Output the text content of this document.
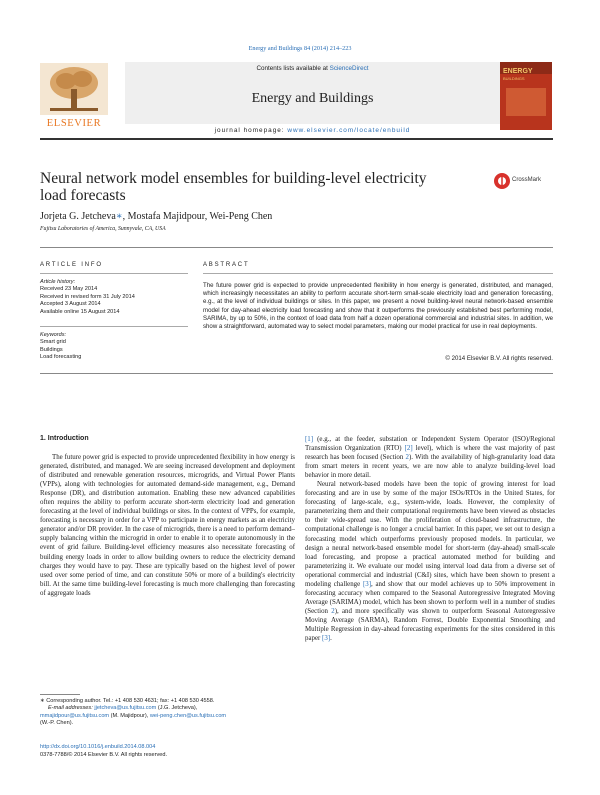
Energy and Buildings 84 (2014) 214–223
Contents lists available at ScienceDirect
Energy and Buildings
ELSEVIER
ENERGY
BUILDINGS
journal homepage: www.elsevier.com/locate/enbuild
Neural network model ensembles for building-level electricity load forecasts
CrossMark
Jorjeta G. Jetcheva∗, Mostafa Majidpour, Wei-Peng Chen
Fujitsu Laboratories of America, Sunnyvale, CA, USA
ARTICLE INFO
Article history:
Received 23 May 2014
Received in revised form 31 July 2014
Accepted 3 August 2014
Available online 15 August 2014
Keywords:
Smart grid
Buildings
Load forecasting
ABSTRACT
The future power grid is expected to provide unprecedented flexibility in how energy is generated, distributed, and managed, which increasingly necessitates an ability to perform accurate short-term small-scale electricity load and generation forecasting, e.g., at the level of individual buildings or sites. In this paper, we present a novel building-level neural network-based ensemble model for day-ahead electricity load forecasting and show that it outperforms the previously established best performing model, SARIMA, by up to 50%, in the context of load data from half a dozen operational commercial and industrial sites. In addition, we show a straightforward, automated way to select model parameters, making our model practical for use in real deployments.
© 2014 Elsevier B.V. All rights reserved.
1. Introduction
The future power grid is expected to provide unprecedented flexibility in how energy is generated, distributed, and managed. We are seeing increased development and deployment of distributed and renewable generation resources, microgrids, and Virtual Power Plants (VPPs), along with technologies for automated demand-side management, e.g., Demand Response (DR), and distribution automation. Enabling these new advanced capabilities often requires the ability to perform accurate short-term electricity load and generation forecasting at the level of individual buildings or sites. In the context of VPPs, for example, forecasting is necessary in order for a VPP to participate in energy markets as an electricity generator and/or DR provider. In the case of microgrids, there is a need to perform demand–supply balancing within the microgrid in order to enable it to operate autonomously in the event of grid failure. Building-level efficiency measures also necessitate forecasting of building energy loads in order to allow building owners to reduce the electricity demand charges they would have to pay. These are typically based on the highest level of power used over some period of time, and can constitute 50% or more of a building's electricity bill. At the same time building-level forecasting is much more challenging than forecasting of aggregate loads
[1] (e.g., at the feeder, substation or Independent System Operator (ISO)/Regional Transmission Organization (RTO) [2] level), which is where the vast majority of past research has been focused (Section 2). With the availability of high-granularity load data from smart meters in recent years, we are now able to analyze building-level load behavior in more detail.
Neural network-based models have been the topic of growing interest for load forecasting and are in use by some of the major ISOs/RTOs in the United States, for forecasting of large-scale, e.g., system-wide, loads. However, the complexity of parameterizing them and their computational requirements have been viewed as obstacles to their wide-spread use. With the proliferation of cloud-based infrastructure, the computational challenge is no longer a crucial barrier. In this paper, we set out to design a forecasting model which outperforms previously proposed models. In particular, we design a neural network-based ensemble model for short-term (day-ahead) small-scale load forecasting, and propose a practical automated method for building and parameterizing it. We evaluate our model using interval load data from a diverse set of operational commercial and industrial (C&I) sites, which have been shown to present a modeling challenge [3], and show that our model achieves up to 50% improvement in forecasting accuracy when compared to the Seasonal Autoregressive Integrated Moving Average (SARIMA) model, which has been shown to perform well in a number of studies (Section 2), and more specifically was shown to outperform Seasonal Autoregressive Moving Average (SARMA), Random Forrest, Double Exponential Smoothing and Multiple Regression in day-ahead forecasting experiments for the sites considered in this paper [3].
∗ Corresponding author. Tel.: +1 408 530 4631; fax: +1 408 530 4558.
E-mail addresses: jjetcheva@us.fujitsu.com (J.G. Jetcheva),
mmajidpour@us.fujitsu.com (M. Majidpour), wei-peng.chen@us.fujitsu.com
(W.-P. Chen).
http://dx.doi.org/10.1016/j.enbuild.2014.08.004
0378-7788/© 2014 Elsevier B.V. All rights reserved.
